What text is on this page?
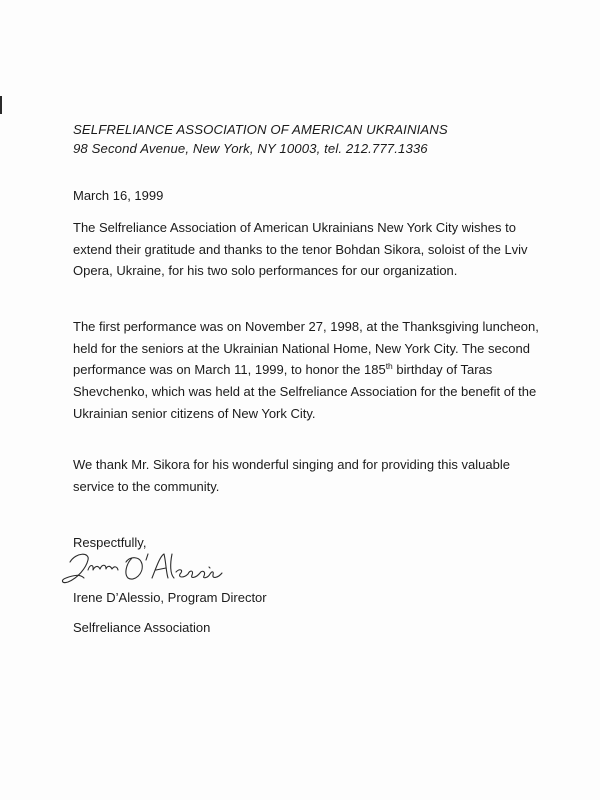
SELFRELIANCE ASSOCIATION OF AMERICAN UKRAINIANS
98 Second Avenue, New York, NY 10003, tel. 212.777.1336
March 16, 1999
The Selfreliance Association of American Ukrainians New York City wishes to
extend their gratitude and thanks to the tenor Bohdan Sikora, soloist of the Lviv
Opera, Ukraine, for his two solo performances for our organization.
The first performance was on November 27, 1998, at the Thanksgiving luncheon,
held for the seniors at the Ukrainian National Home, New York City. The second
performance was on March 11, 1999, to honor the 185th birthday of Taras
Shevchenko, which was held at the Selfreliance Association for the benefit of the
Ukrainian senior citizens of New York City.
We thank Mr. Sikora for his wonderful singing and for providing this valuable
service to the community.
Respectfully,
Irene D’Alessio, Program Director
Selfreliance Association
